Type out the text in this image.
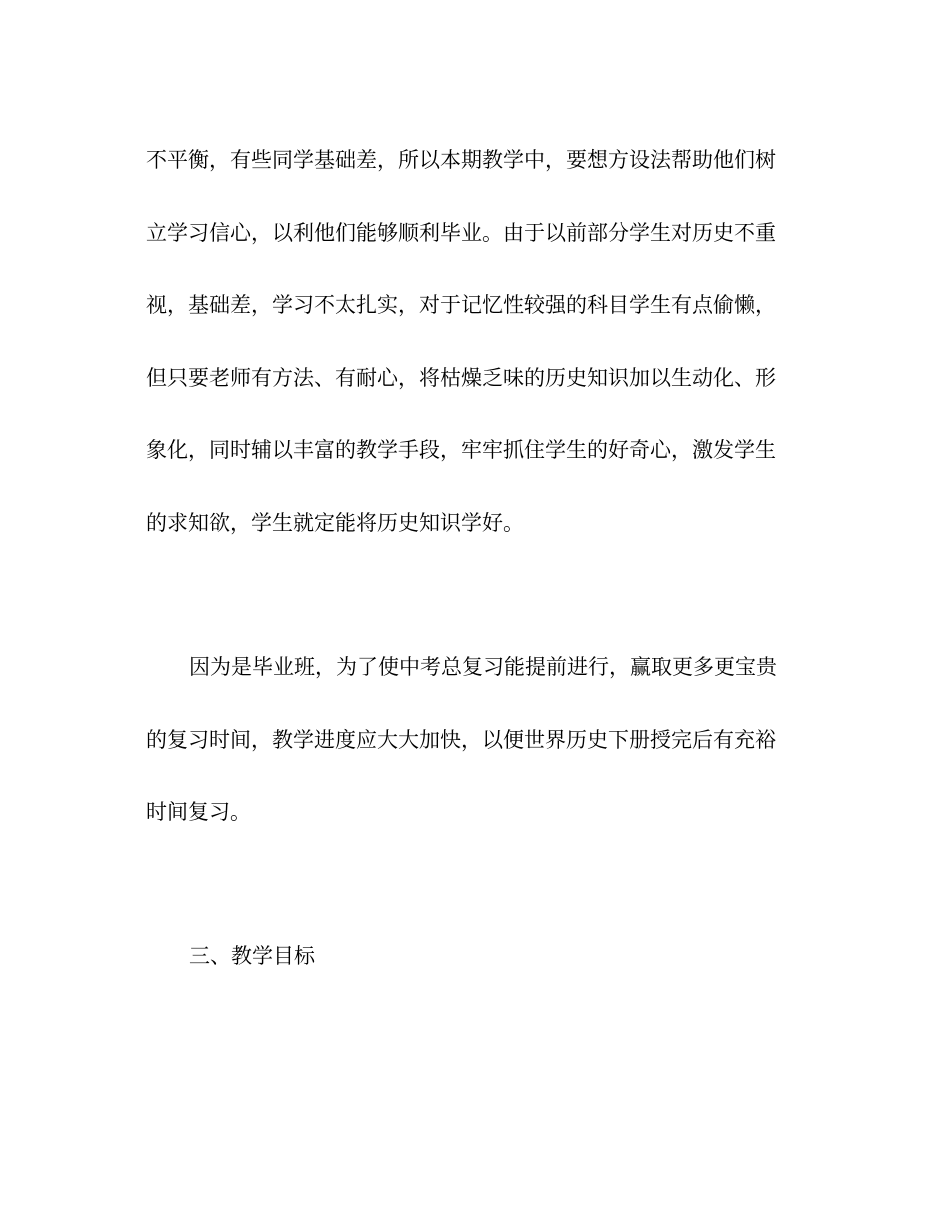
不平衡，有些同学基础差，所以本期教学中，要想方设法帮助他们树
立学习信心，以利他们能够顺利毕业。由于以前部分学生对历史不重
视，基础差，学习不太扎实，对于记忆性较强的科目学生有点偷懒，
但只要老师有方法、有耐心，将枯燥乏味的历史知识加以生动化、形
象化，同时辅以丰富的教学手段，牢牢抓住学生的好奇心，激发学生
的求知欲，学生就定能将历史知识学好。
因为是毕业班，为了使中考总复习能提前进行，赢取更多更宝贵
的复习时间，教学进度应大大加快，以便世界历史下册授完后有充裕
时间复习。
三、教学目标
